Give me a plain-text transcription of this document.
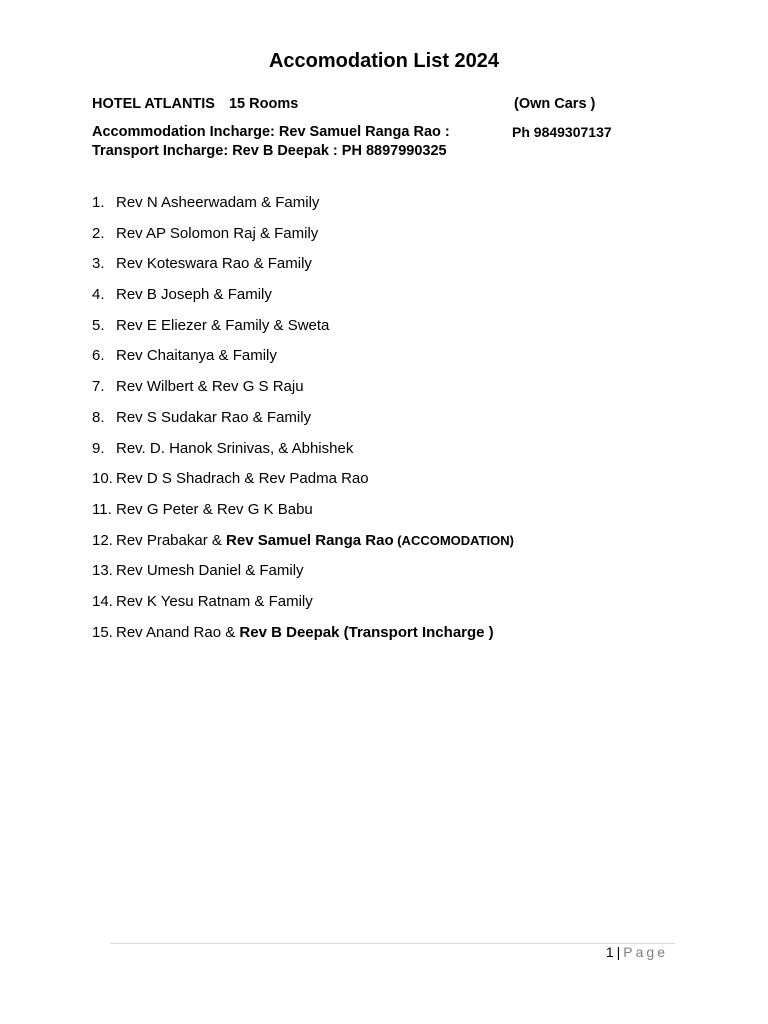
Accomodation List 2024
HOTEL ATLANTIS 15 Rooms	(Own Cars )
Accommodation Incharge: Rev Samuel Ranga Rao :	Ph 9849307137
Transport Incharge: Rev B Deepak : PH 8897990325
1. Rev N Asheerwadam & Family
2. Rev AP Solomon Raj & Family
3. Rev Koteswara Rao & Family
4. Rev B Joseph & Family
5. Rev E Eliezer & Family & Sweta
6. Rev Chaitanya & Family
7. Rev Wilbert & Rev G S Raju
8. Rev S Sudakar Rao & Family
9. Rev. D. Hanok Srinivas, & Abhishek
10. Rev D S Shadrach & Rev Padma Rao
11. Rev G Peter & Rev G K Babu
12. Rev Prabakar & Rev Samuel Ranga Rao (ACCOMODATION)
13. Rev Umesh Daniel & Family
14. Rev K Yesu Ratnam & Family
15. Rev Anand Rao & Rev B Deepak (Transport Incharge )
1 | Page
